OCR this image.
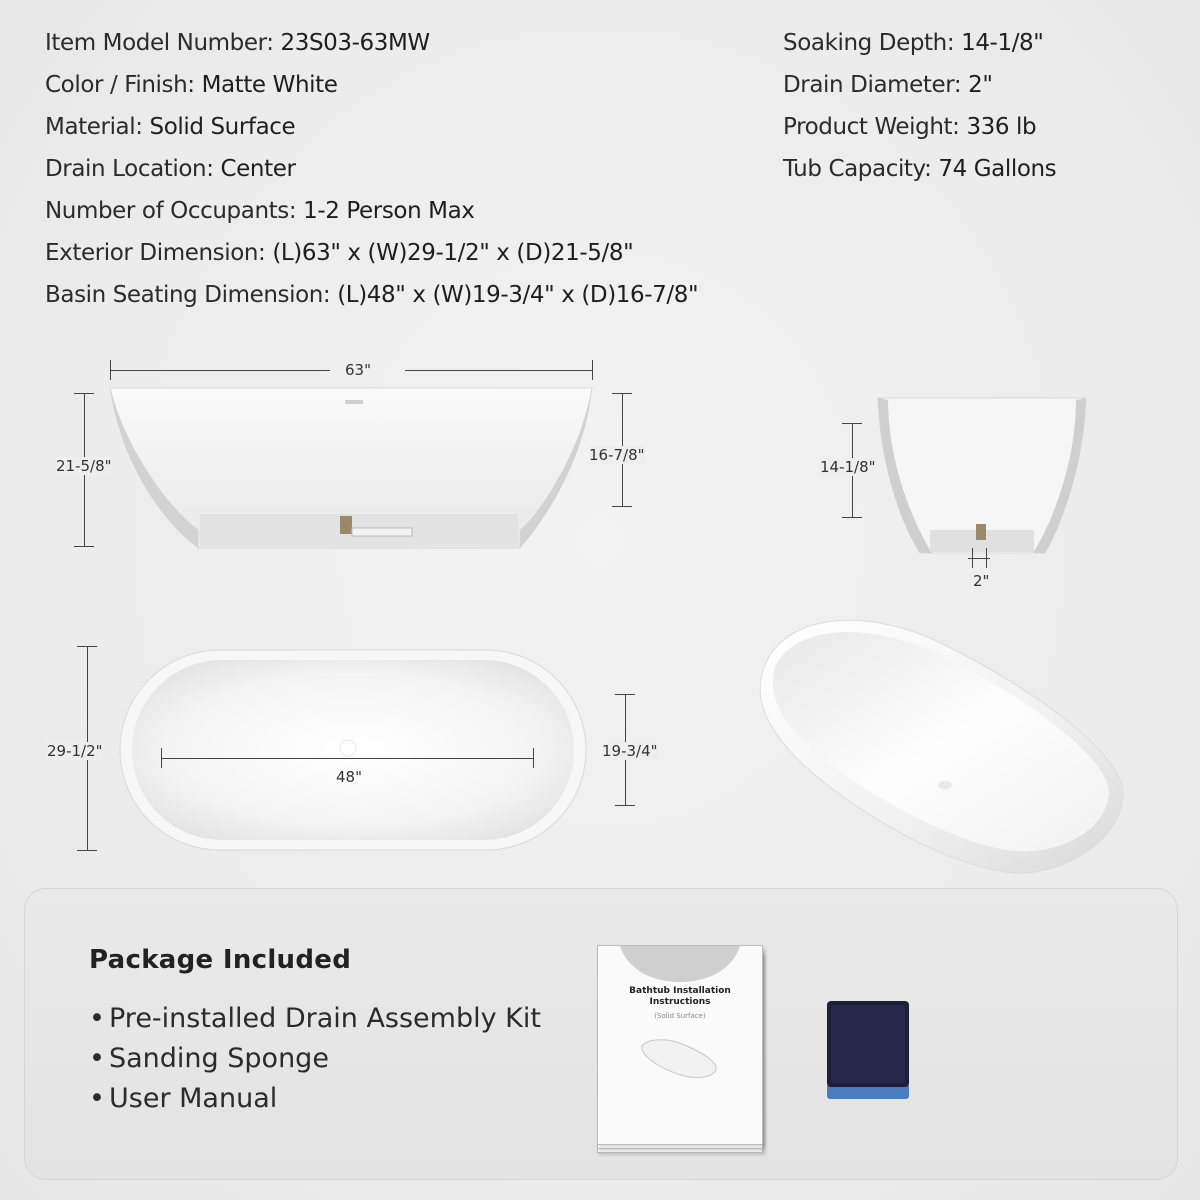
Item Model Number: 23S03-63MW
Color / Finish: Matte White
Material: Solid Surface
Drain Location: Center
Number of Occupants: 1-2 Person Max
Exterior Dimension: (L)63" x (W)29-1/2" x (D)21-5/8"
Basin Seating Dimension: (L)48" x (W)19-3/4" x (D)16-7/8"
Soaking Depth: 14-1/8"
Drain Diameter: 2"
Product Weight: 336 lb
Tub Capacity: 74 Gallons
63"
21-5/8"
16-7/8"
14-1/8"
2"
29-1/2"
48"
19-3/4"
Package Included
• Pre-installed Drain Assembly Kit
• Sanding Sponge
• User Manual
Bathtub Installation Instructions
(Solid Surface)
